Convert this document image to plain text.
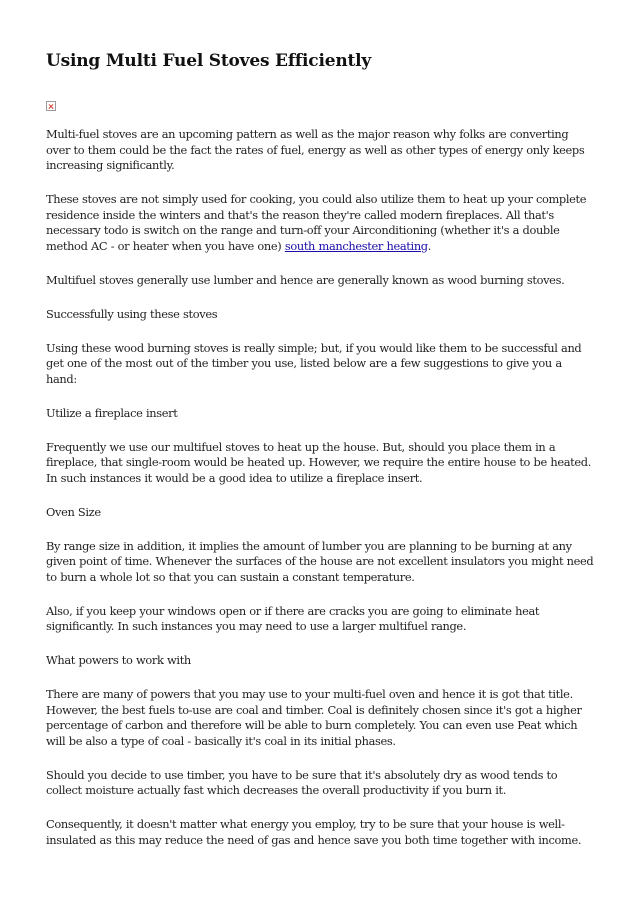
Using Multi Fuel Stoves Efficiently

Multi-fuel stoves are an upcoming pattern as well as the major reason why folks are converting over to them could be the fact the rates of fuel, energy as well as other types of energy only keeps increasing significantly.

These stoves are not simply used for cooking, you could also utilize them to heat up your complete residence inside the winters and that's the reason they're called modern fireplaces. All that's necessary todo is switch on the range and turn-off your Airconditioning (whether it's a double method AC - or heater when you have one) south manchester heating.

Multifuel stoves generally use lumber and hence are generally known as wood burning stoves.

Successfully using these stoves

Using these wood burning stoves is really simple; but, if you would like them to be successful and get one of the most out of the timber you use, listed below are a few suggestions to give you a hand:

Utilize a fireplace insert

Frequently we use our multifuel stoves to heat up the house. But, should you place them in a fireplace, that single-room would be heated up. However, we require the entire house to be heated. In such instances it would be a good idea to utilize a fireplace insert.

Oven Size

By range size in addition, it implies the amount of lumber you are planning to be burning at any given point of time. Whenever the surfaces of the house are not excellent insulators you might need to burn a whole lot so that you can sustain a constant temperature.

Also, if you keep your windows open or if there are cracks you are going to eliminate heat significantly. In such instances you may need to use a larger multifuel range.

What powers to work with

There are many of powers that you may use to your multi-fuel oven and hence it is got that title. However, the best fuels to-use are coal and timber. Coal is definitely chosen since it's got a higher percentage of carbon and therefore will be able to burn completely. You can even use Peat which will be also a type of coal - basically it's coal in its initial phases.

Should you decide to use timber, you have to be sure that it's absolutely dry as wood tends to collect moisture actually fast which decreases the overall productivity if you burn it.

Consequently, it doesn't matter what energy you employ, try to be sure that your house is well-insulated as this may reduce the need of gas and hence save you both time together with income.
